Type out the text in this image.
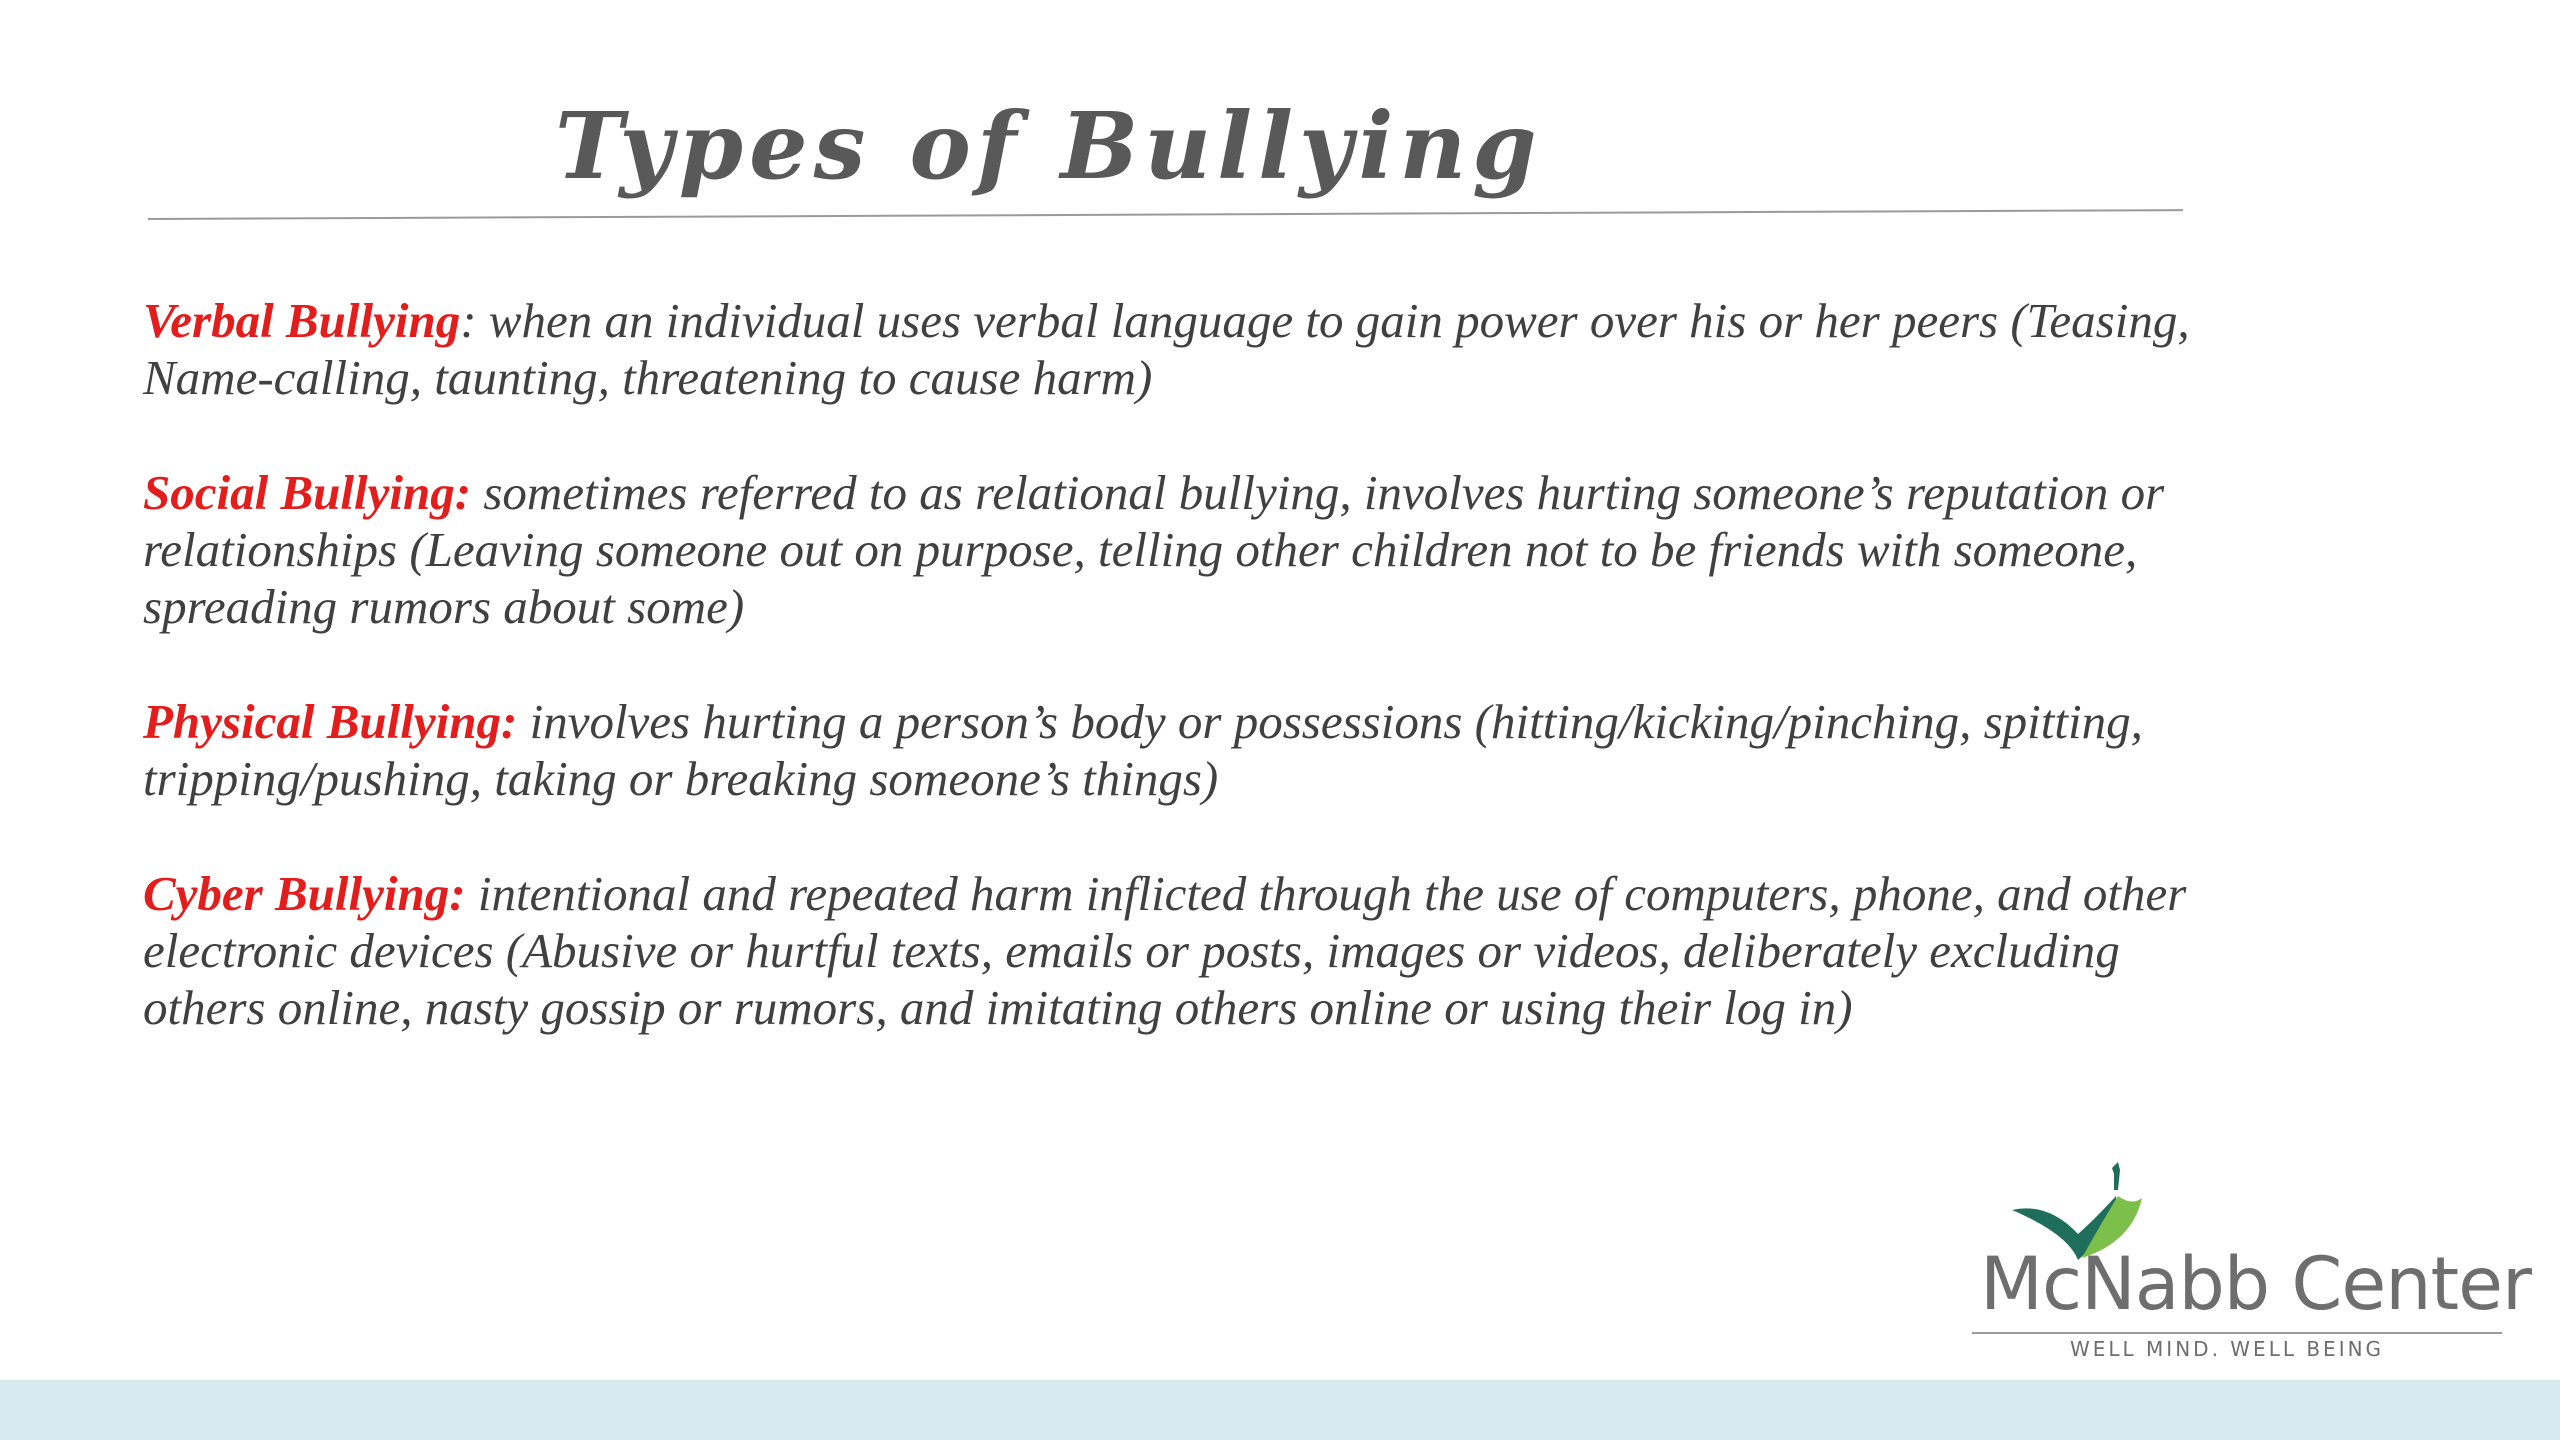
Types of Bullying

Verbal Bullying: when an individual uses verbal language to gain power over his or her peers (Teasing, Name-calling, taunting, threatening to cause harm)

Social Bullying: sometimes referred to as relational bullying, involves hurting someone’s reputation or relationships (Leaving someone out on purpose, telling other children not to be friends with someone, spreading rumors about some)

Physical Bullying: involves hurting a person’s body or possessions (hitting/kicking/pinching, spitting, tripping/pushing, taking or breaking someone’s things)

Cyber Bullying: intentional and repeated harm inflicted through the use of computers, phone, and other electronic devices (Abusive or hurtful texts, emails or posts, images or videos, deliberately excluding others online, nasty gossip or rumors, and imitating others online or using their log in)

McNabb Center
WELL MIND. WELL BEING
